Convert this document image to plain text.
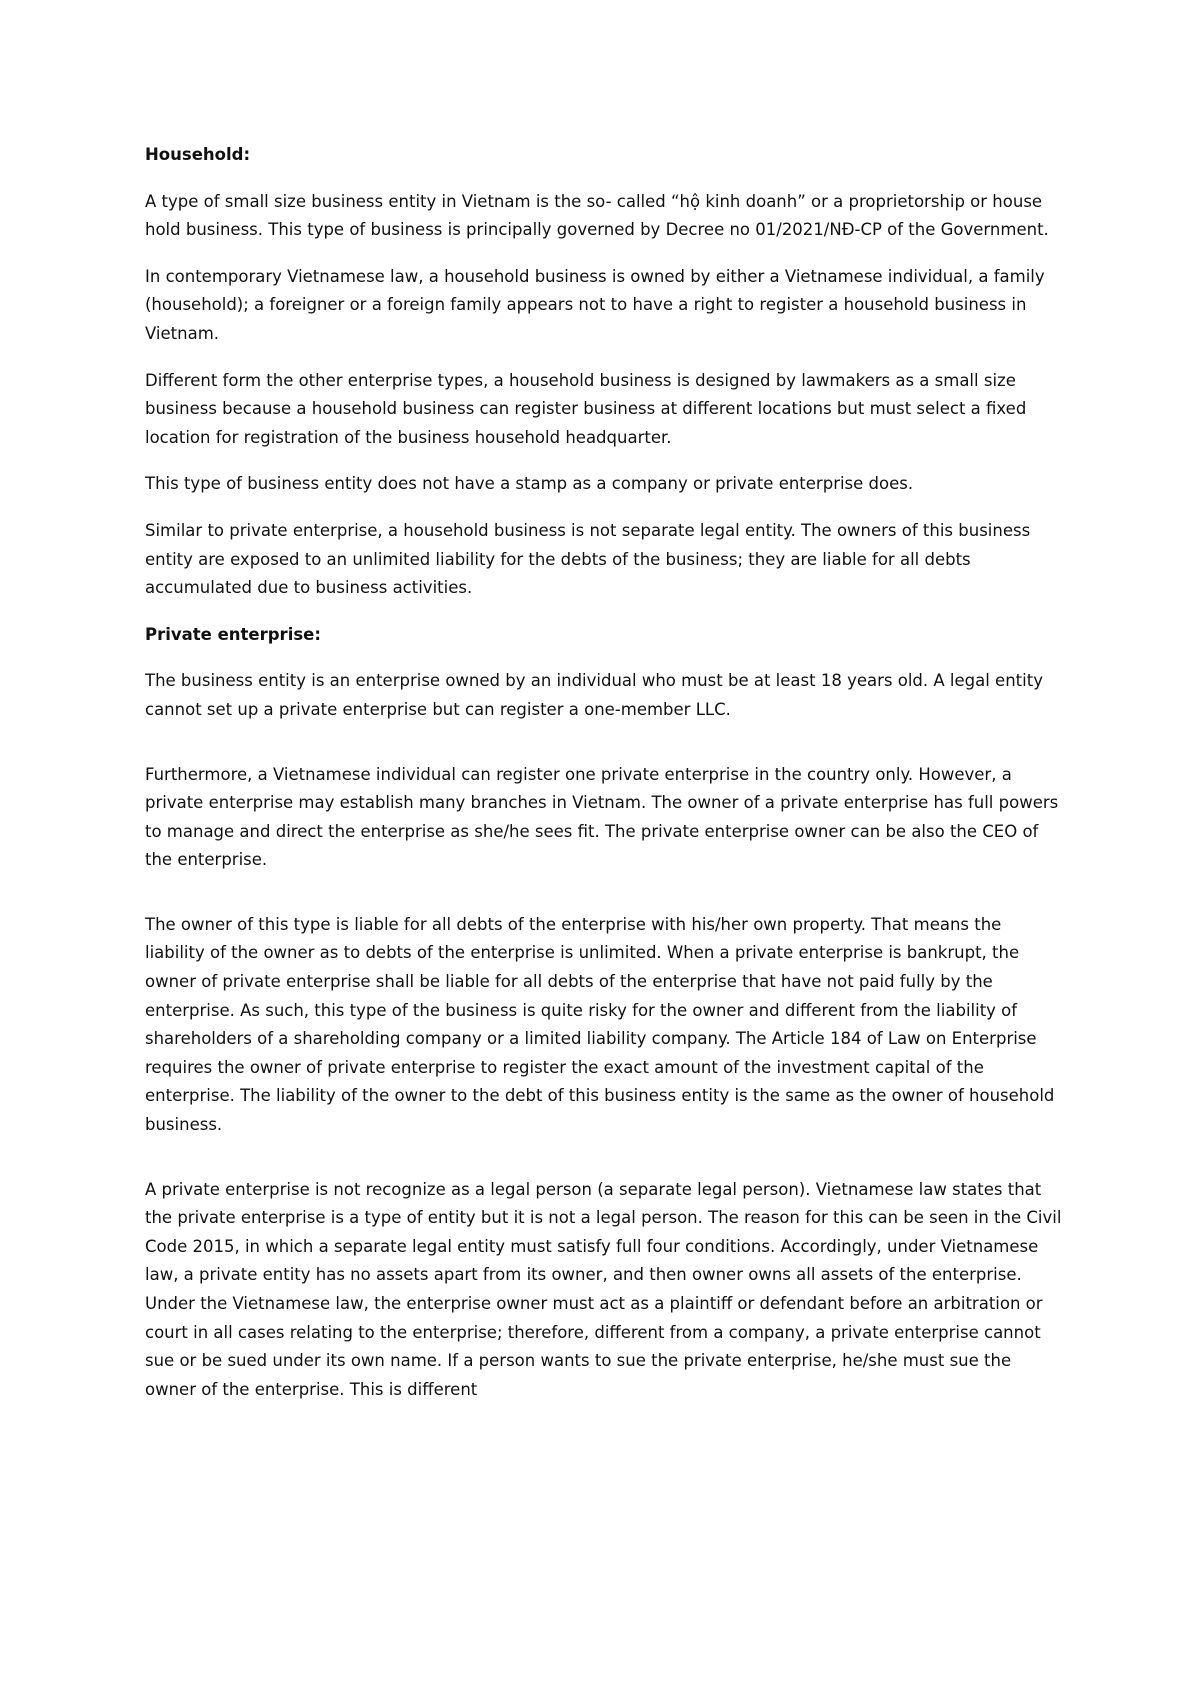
Household:

A type of small size business entity in Vietnam is the so- called “hộ kinh doanh” or a proprietorship or house hold business. This type of business is principally governed by Decree no 01/2021/NĐ-CP of the Government.

In contemporary Vietnamese law, a household business is owned by either a Vietnamese individual, a family (household); a foreigner or a foreign family appears not to have a right to register a household business in Vietnam.

Different form the other enterprise types, a household business is designed by lawmakers as a small size business because a household business can register business at different locations but must select a fixed location for registration of the business household headquarter.

This type of business entity does not have a stamp as a company or private enterprise does.

Similar to private enterprise, a household business is not separate legal entity. The owners of this business entity are exposed to an unlimited liability for the debts of the business; they are liable for all debts accumulated due to business activities.

Private enterprise:

The business entity is an enterprise owned by an individual who must be at least 18 years old. A legal entity cannot set up a private enterprise but can register a one-member LLC.

Furthermore, a Vietnamese individual can register one private enterprise in the country only. However, a private enterprise may establish many branches in Vietnam. The owner of a private enterprise has full powers to manage and direct the enterprise as she/he sees fit. The private enterprise owner can be also the CEO of the enterprise.

The owner of this type is liable for all debts of the enterprise with his/her own property. That means the liability of the owner as to debts of the enterprise is unlimited. When a private enterprise is bankrupt, the owner of private enterprise shall be liable for all debts of the enterprise that have not paid fully by the enterprise. As such, this type of the business is quite risky for the owner and different from the liability of shareholders of a shareholding company or a limited liability company. The Article 184 of Law on Enterprise requires the owner of private enterprise to register the exact amount of the investment capital of the enterprise. The liability of the owner to the debt of this business entity is the same as the owner of household business.

A private enterprise is not recognize as a legal person (a separate legal person). Vietnamese law states that the private enterprise is a type of entity but it is not a legal person. The reason for this can be seen in the Civil Code 2015, in which a separate legal entity must satisfy full four conditions. Accordingly, under Vietnamese law, a private entity has no assets apart from its owner, and then owner owns all assets of the enterprise. Under the Vietnamese law, the enterprise owner must act as a plaintiff or defendant before an arbitration or court in all cases relating to the enterprise; therefore, different from a company, a private enterprise cannot sue or be sued under its own name. If a person wants to sue the private enterprise, he/she must sue the owner of the enterprise. This is different
